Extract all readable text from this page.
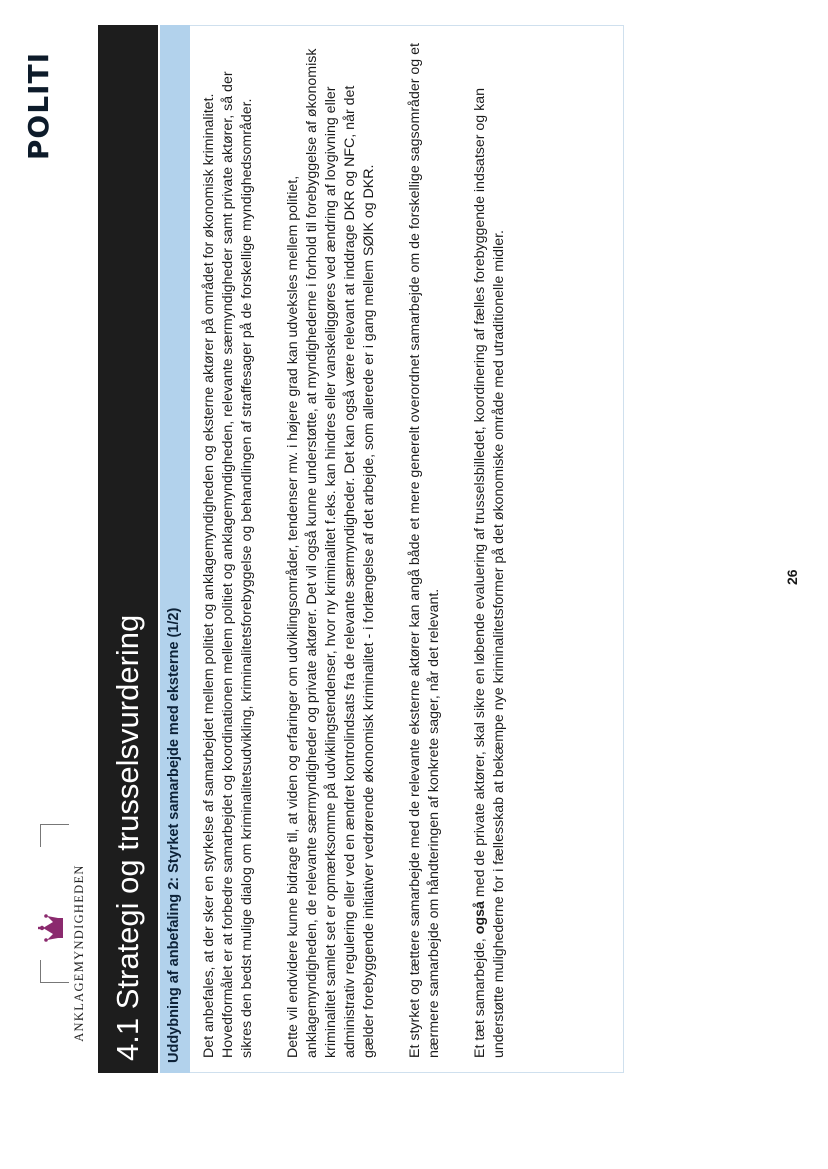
ANKLAGEMYNDIGHEDEN
POLITI
4.1 Strategi og trusselsvurdering Uddybning af anbefaling 2: Styrket samarbejde med eksterne (1/2) Det anbefales, at der sker en styrkelse af samarbejdet mellem politiet og anklagemyndigheden og eksterne aktører på området for økonomisk kriminalitet. Hovedformålet er at forbedre samarbejdet og koordinationen mellem politiet og anklagemyndigheden, relevante særmyndigheder samt private aktører, så der sikres den bedst mulige dialog om kriminalitetsudvikling, kriminalitetsforebyggelse og behandlingen af straffesager på de forskellige myndighedsområder. Dette vil endvidere kunne bidrage til, at viden og erfaringer om udviklingsområder, tendenser mv. i højere grad kan udveksles mellem politiet, anklagemyndigheden, de relevante særmyndigheder og private aktører. Det vil også kunne understøtte, at myndighederne i forhold til forebyggelse af økonomisk kriminalitet samlet set er opmærksomme på udviklingstendenser, hvor ny kriminalitet f.eks. kan hindres eller vanskeliggøres ved ændring af lovgivning eller administrativ regulering eller ved en ændret kontrolindsats fra de relevante særmyndigheder. Det kan også være relevant at inddrage DKR og NFC, når det gælder forebyggende initiativer vedrørende økonomisk kriminalitet - i forlængelse af det arbejde, som allerede er i gang mellem SØIK og DKR. Et styrket og tættere samarbejde med de relevante eksterne aktører kan angå både et mere generelt overordnet samarbejde om de forskellige sagsområder og et nærmere samarbejde om håndteringen af konkrete sager, når det relevant. Et tæt samarbejde, også med de private aktører, skal sikre en løbende evaluering af trusselsbilledet, koordinering af fælles forebyggende indsatser og kan understøtte mulighederne for i fællesskab at bekæmpe nye kriminalitetsformer på det økonomiske område med utraditionelle midler.	26
